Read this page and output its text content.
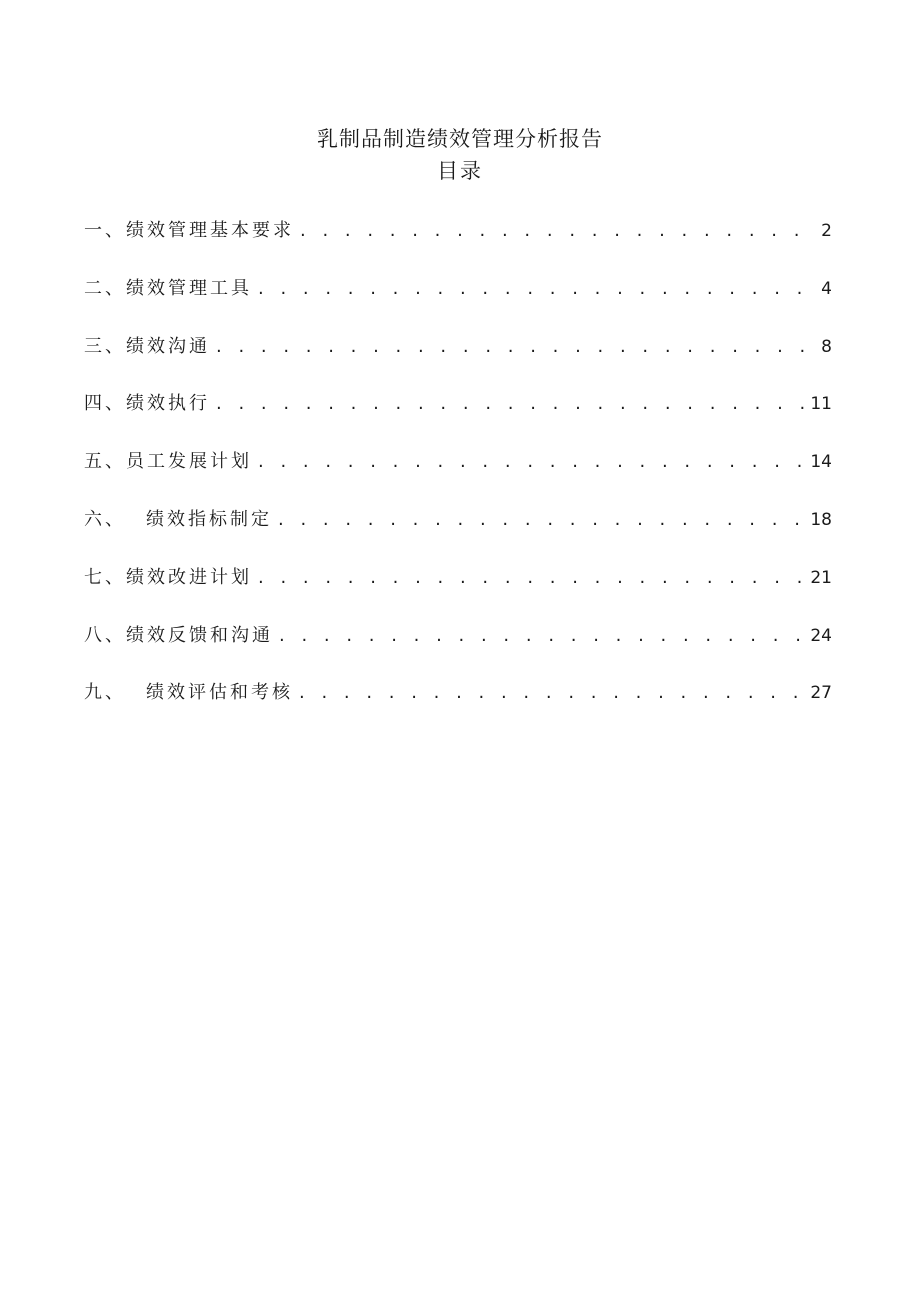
乳制品制造绩效管理分析报告
目录
一、绩效管理基本要求 . . .	2
二、绩效管理工具 . . .	4
三、绩效沟通 . . .	8
四、绩效执行 . . .	11
五、员工发展计划 . . .	14
六、 绩效指标制定 . . .	18
七、绩效改进计划 . . .	21
八、绩效反馈和沟通 . . .	24
九、 绩效评估和考核 . . .	27
